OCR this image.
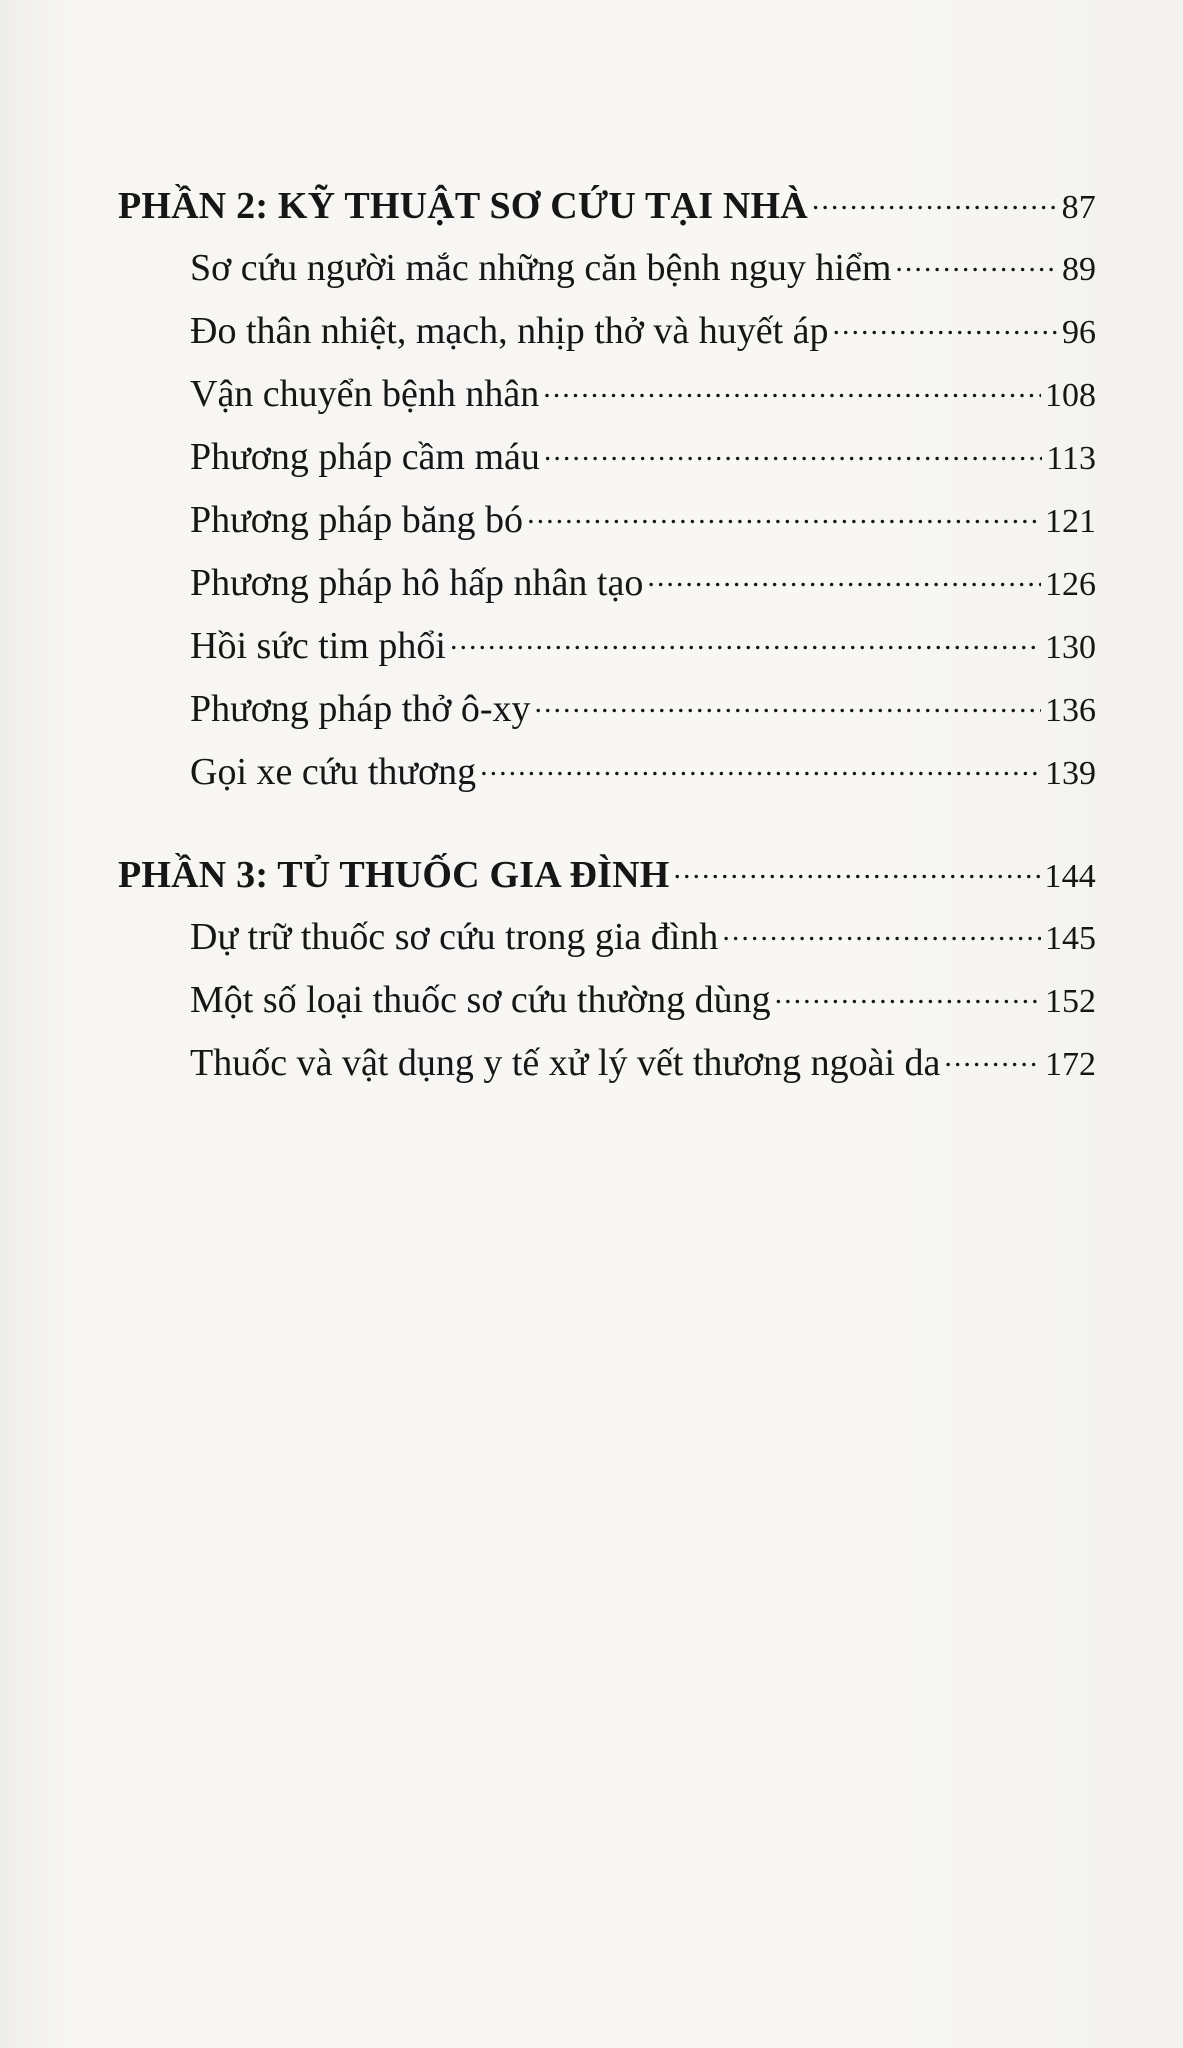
PHẦN 2: KỸ THUẬT SƠ CỨU TẠI NHÀ .....	87
Sơ cứu người mắc những căn bệnh nguy hiểm .....	89
Đo thân nhiệt, mạch, nhịp thở và huyết áp .....	96
Vận chuyển bệnh nhân .....	108
Phương pháp cầm máu .....	113
Phương pháp băng bó .....	121
Phương pháp hô hấp nhân tạo .....	126
Hồi sức tim phổi .....	130
Phương pháp thở ô-xy .....	136
Gọi xe cứu thương .....	139
PHẦN 3: TỦ THUỐC GIA ĐÌNH .....	144
Dự trữ thuốc sơ cứu trong gia đình .....	145
Một số loại thuốc sơ cứu thường dùng .....	152
Thuốc và vật dụng y tế xử lý vết thương ngoài da .....	172
